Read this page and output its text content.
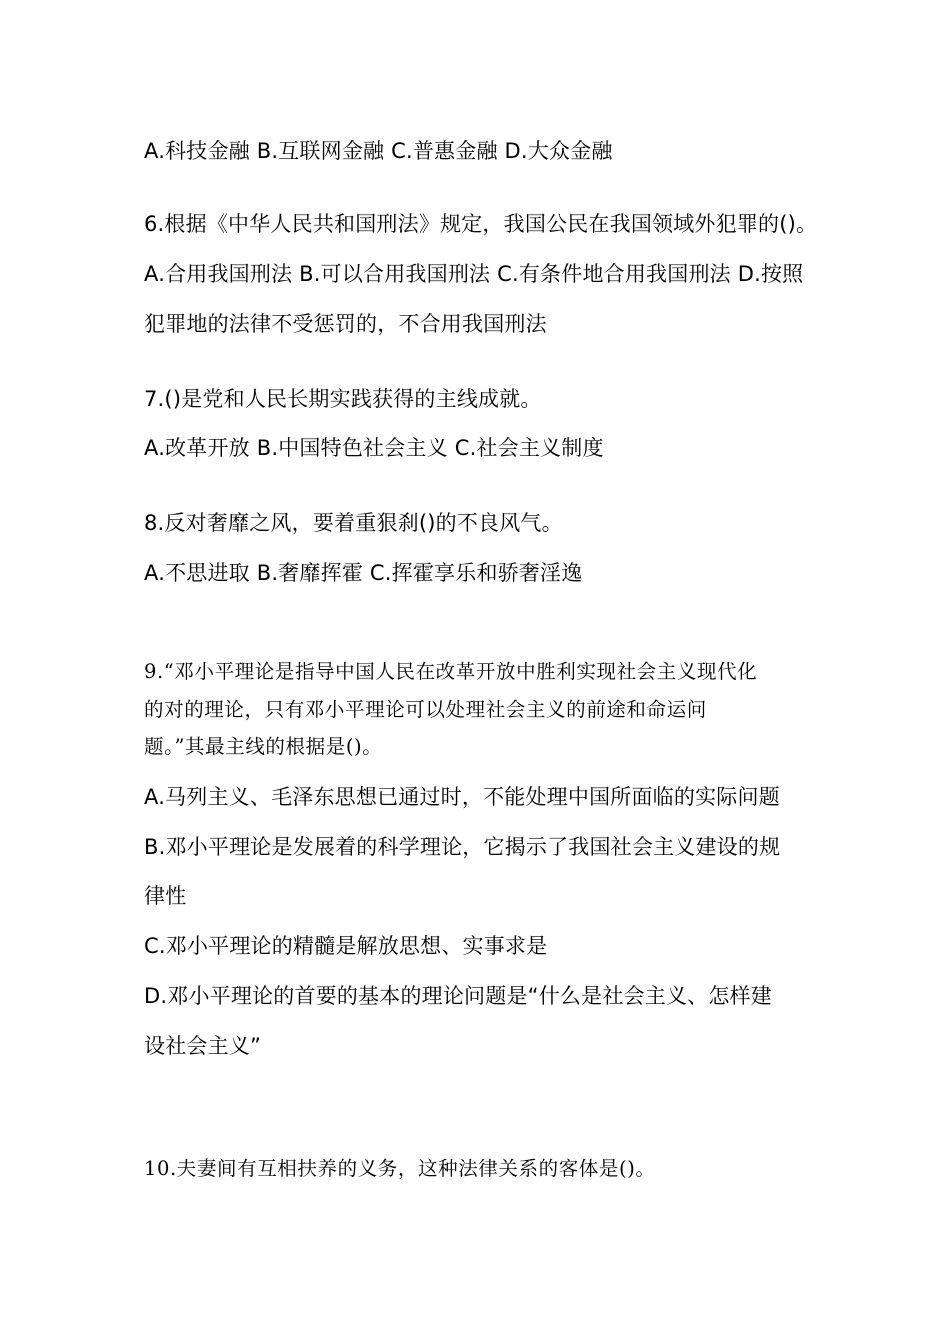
A.科技金融 B.互联网金融 C.普惠金融 D.大众金融
6.根据《中华人民共和国刑法》规定，我国公民在我国领域外犯罪的()。
A.合用我国刑法 B.可以合用我国刑法 C.有条件地合用我国刑法 D.按照
犯罪地的法律不受惩罚的，不合用我国刑法
7.()是党和人民长期实践获得的主线成就。
A.改革开放 B.中国特色社会主义 C.社会主义制度
8.反对奢靡之风，要着重狠刹()的不良风气。
A.不思进取 B.奢靡挥霍 C.挥霍享乐和骄奢淫逸
9.“邓小平理论是指导中国人民在改革开放中胜利实现社会主义现代化
的对的理论，只有邓小平理论可以处理社会主义的前途和命运问
题。”其最主线的根据是()。
A.马列主义、毛泽东思想已通过时，不能处理中国所面临的实际问题
B.邓小平理论是发展着的科学理论，它揭示了我国社会主义建设的规
律性
C.邓小平理论的精髓是解放思想、实事求是
D.邓小平理论的首要的基本的理论问题是“什么是社会主义、怎样建
设社会主义”
10.夫妻间有互相扶养的义务，这种法律关系的客体是()。
